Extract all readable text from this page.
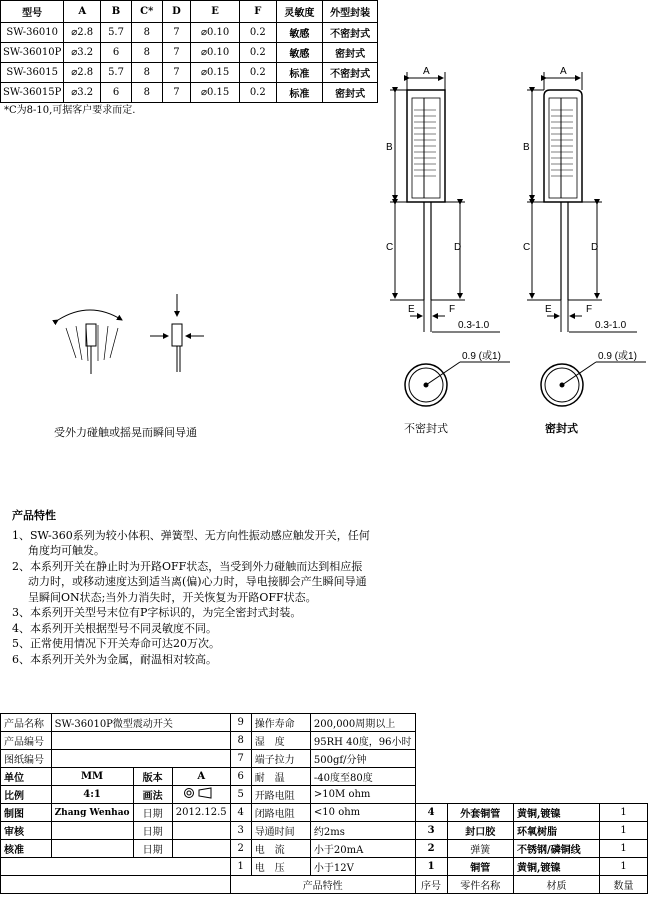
型号	A	B	C*	D	E	F	灵敏度	外型封装
SW-36010	⌀2.8	5.7	8	7	⌀0.10	0.2	敏感	不密封式
SW-36010P	⌀3.2	6	8	7	⌀0.10	0.2	敏感	密封式
SW-36015	⌀2.8	5.7	8	7	⌀0.15	0.2	标准	不密封式
SW-36015P	⌀3.2	6	8	7	⌀0.15	0.2	标准	密封式
*C为8-10,可据客户要求而定.
A	A
B	B
C	C
D	D
E	E
F	F
0.3-1.0	0.3-1.0
0.9 (或1)	0.9 (或1)
受外力碰触或摇晃而瞬间导通	不密封式	密封式
产品特性
1、SW-360系列为较小体积、弹簧型、无方向性振动感应触发开关，任何角度均可触发。
2、本系列开关在静止时为开路OFF状态，当受到外力碰触而达到相应振动力时，或移动速度达到适当离(偏)心力时，导电接脚会产生瞬间导通呈瞬间ON状态;当外力消失时，开关恢复为开路OFF状态。
3、本系列开关型号末位有P字标识的，为完全密封式封装。
4、本系列开关根据型号不同灵敏度不同。
5、正常使用情况下开关寿命可达20万次。
6、本系列开关外为金属，耐温相对较高。
产品名称	SW-36010P微型震动开关			9	操作寿命	200,000周期以上				
产品编号				8	湿　度	95RH 40度，96小时				
图纸编号				7	端子拉力	500gf/分钟				
单位	MM	版本	A	6	耐　温	-40度至80度				
比例	4:1	画法		5	开路电阻	>10M ohm				
制图	Zhang Wenhao	日期	2012.12.5	4	闭路电阻	<10 ohm	4	外套铜管	黄铜,镀镍	1
审核		日期		3	导通时间	约2ms	3	封口胶	环氧树脂	1
核准		日期		2	电　流	小于20mA	2	弹簧	不锈钢/磷铜线	1
				1	电　压	小于12V	1	铜管	黄铜,镀镍	1
				产品特性			序号	零件名称	材质	数量
